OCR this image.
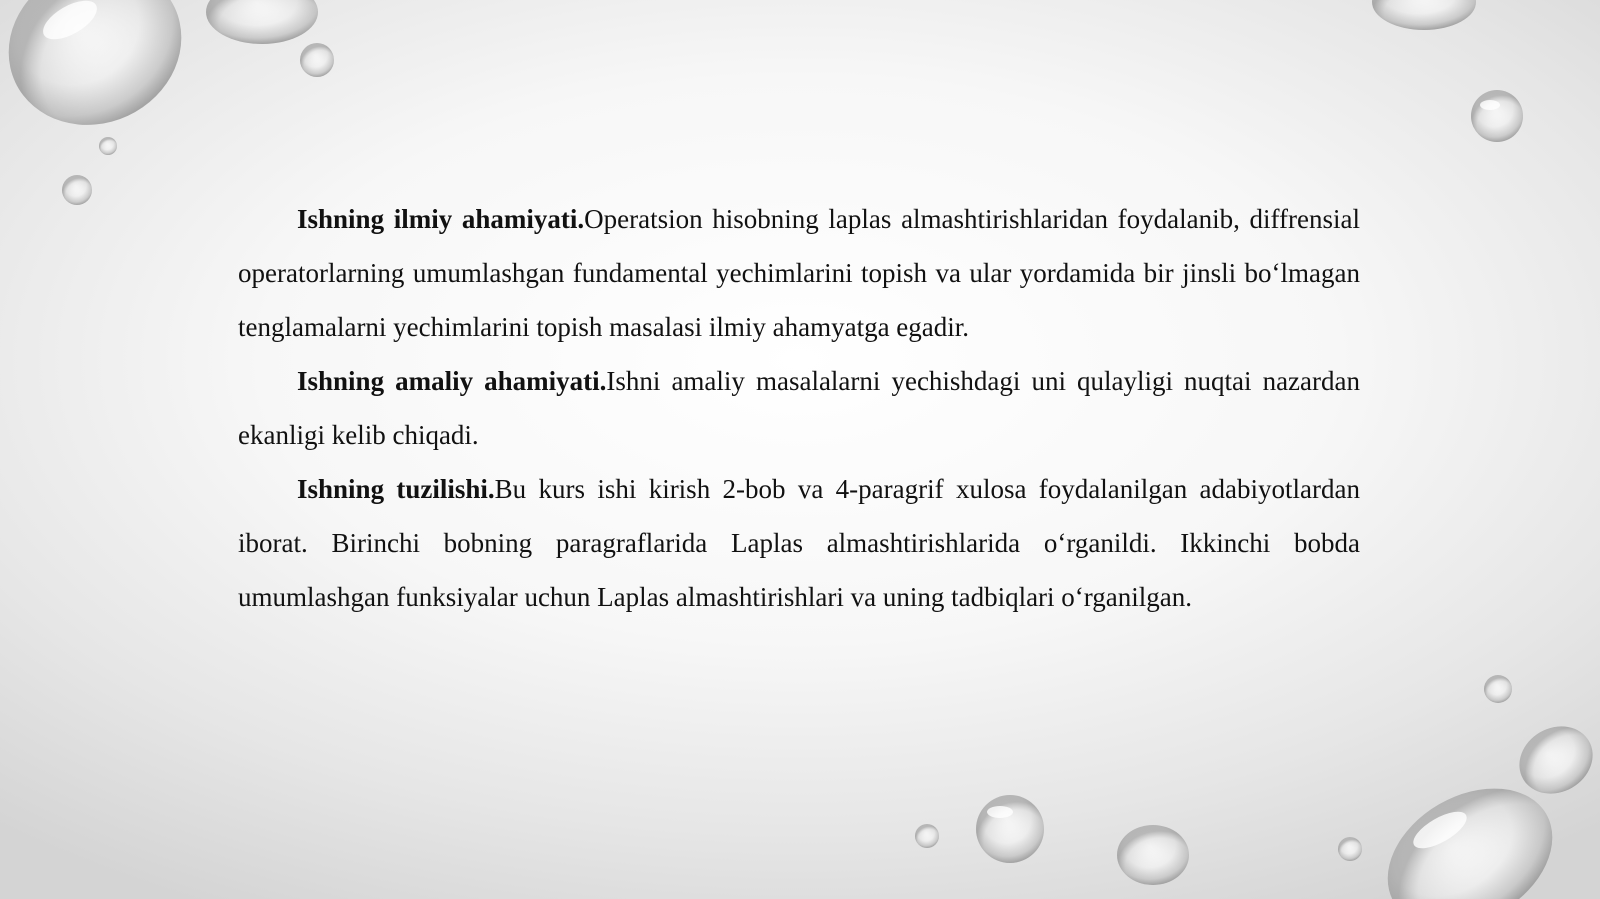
Ishning ilmiy ahamiyati.Operatsion hisobning laplas almashtirishlaridan foydalanib, diffrensial operatorlarning umumlashgan fundamental yechimlarini topish va ular yordamida bir jinsli bo‘lmagan tenglamalarni yechimlarini topish masalasi ilmiy ahamyatga egadir.

Ishning amaliy ahamiyati.Ishni amaliy masalalarni yechishdagi uni qulayligi nuqtai nazardan ekanligi kelib chiqadi.

Ishning tuzilishi.Bu kurs ishi kirish 2-bob va 4-paragrif xulosa foydalanilgan adabiyotlardan iborat. Birinchi bobning paragraflarida Laplas almashtirishlarida o‘rganildi. Ikkinchi bobda umumlashgan funksiyalar uchun Laplas almashtirishlari va uning tadbiqlari o‘rganilgan.
